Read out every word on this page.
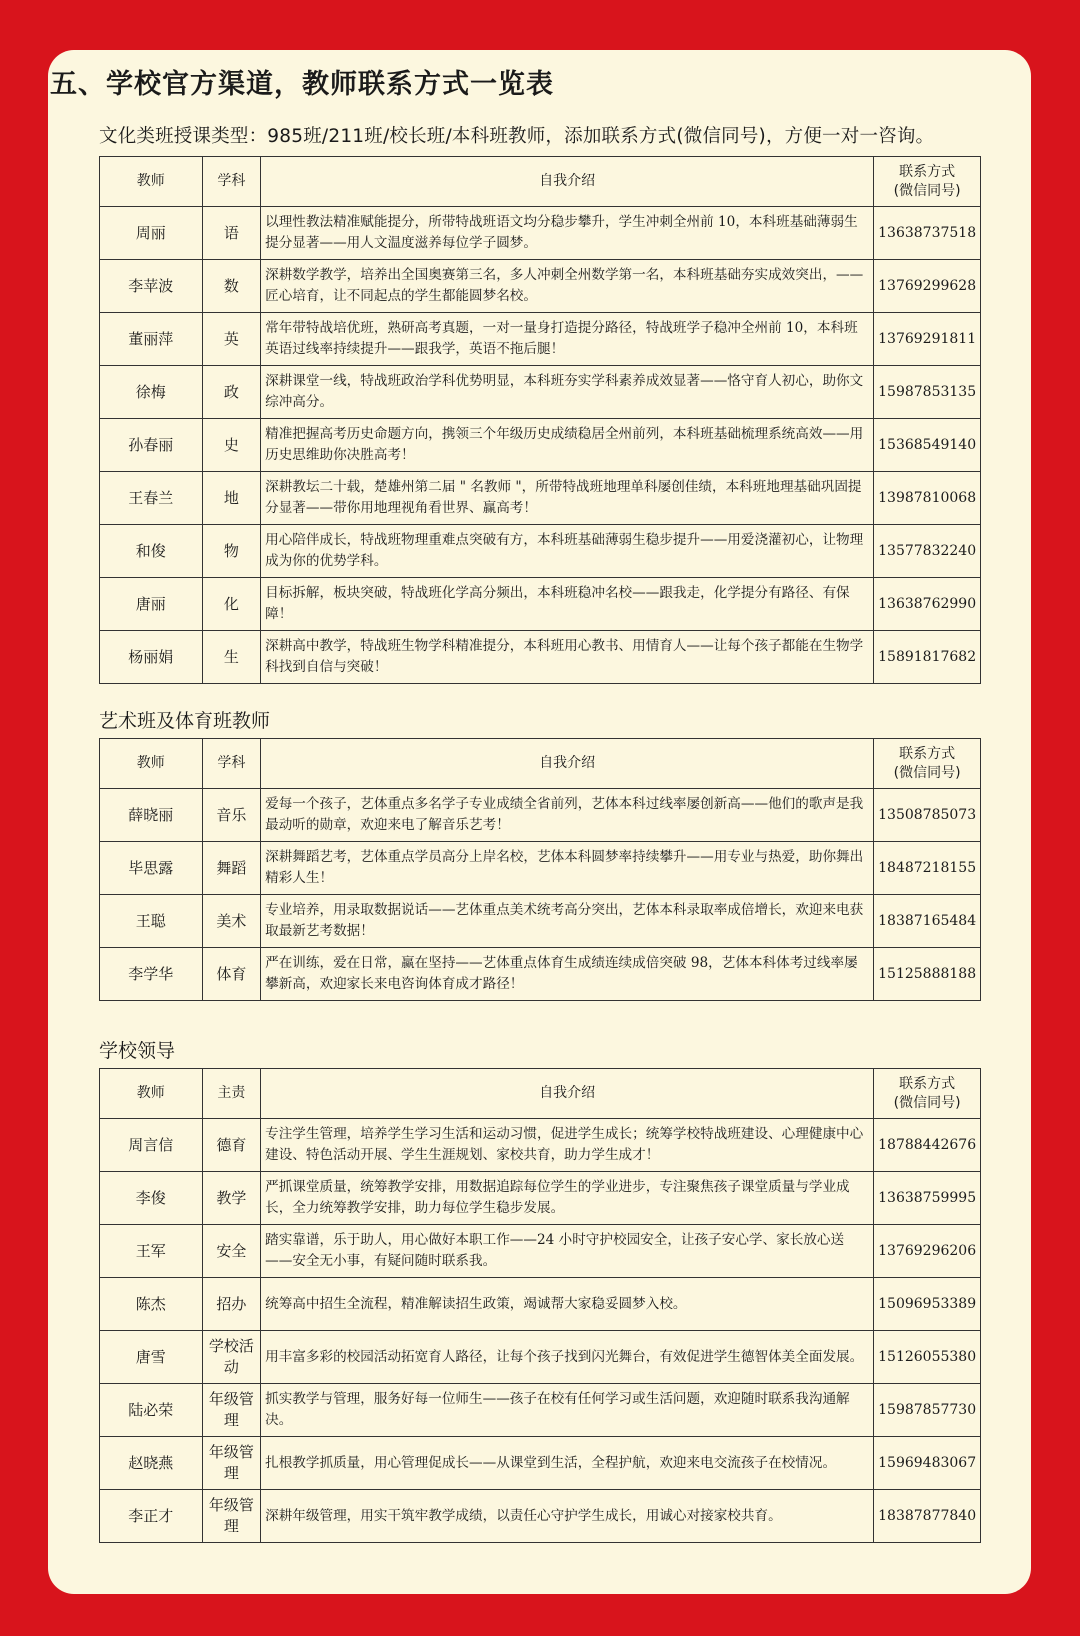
五、学校官方渠道，教师联系方式一览表
文化类班授课类型：985班/211班/校长班/本科班教师，添加联系方式(微信同号)，方便一对一咨询。
教师	学科	自我介绍	联系方式
(微信同号)
周丽	语	以理性教法精准赋能提分，所带特战班语文均分稳步攀升，学生冲刺全州前 10，本科班基础薄弱生提分显著——用人文温度滋养每位学子圆梦。	13638737518
李苹波	数	深耕数学教学，培养出全国奥赛第三名，多人冲刺全州数学第一名，本科班基础夯实成效突出，——匠心培育，让不同起点的学生都能圆梦名校。	13769299628
董丽萍	英	常年带特战培优班，熟研高考真题，一对一量身打造提分路径，特战班学子稳冲全州前 10，本科班英语过线率持续提升——跟我学，英语不拖后腿！	13769291811
徐梅	政	深耕课堂一线，特战班政治学科优势明显，本科班夯实学科素养成效显著——恪守育人初心，助你文综冲高分。	15987853135
孙春丽	史	精准把握高考历史命题方向，携领三个年级历史成绩稳居全州前列，本科班基础梳理系统高效——用历史思维助你决胜高考！	15368549140
王春兰	地	深耕教坛二十载，楚雄州第二届 " 名教师 "，所带特战班地理单科屡创佳绩，本科班地理基础巩固提分显著——带你用地理视角看世界、赢高考！	13987810068
和俊	物	用心陪伴成长，特战班物理重难点突破有方，本科班基础薄弱生稳步提升——用爱浇灌初心，让物理成为你的优势学科。	13577832240
唐丽	化	目标拆解，板块突破，特战班化学高分频出，本科班稳冲名校——跟我走，化学提分有路径、有保障！	13638762990
杨丽娟	生	深耕高中教学，特战班生物学科精准提分，本科班用心教书、用情育人——让每个孩子都能在生物学科找到自信与突破！	15891817682
艺术班及体育班教师
教师	学科	自我介绍	联系方式
(微信同号)
薛晓丽	音乐	爱每一个孩子，艺体重点多名学子专业成绩全省前列，艺体本科过线率屡创新高——他们的歌声是我最动听的勋章，欢迎来电了解音乐艺考！	13508785073
毕思露	舞蹈	深耕舞蹈艺考，艺体重点学员高分上岸名校，艺体本科圆梦率持续攀升——用专业与热爱，助你舞出精彩人生！	18487218155
王聪	美术	专业培养，用录取数据说话——艺体重点美术统考高分突出，艺体本科录取率成倍增长，欢迎来电获取最新艺考数据！	18387165484
李学华	体育	严在训练，爱在日常，赢在坚持——艺体重点体育生成绩连续成倍突破 98，艺体本科体考过线率屡攀新高，欢迎家长来电咨询体育成才路径！	15125888188
学校领导
教师	主责	自我介绍	联系方式
(微信同号)
周言信	德育	专注学生管理，培养学生学习生活和运动习惯，促进学生成长；统筹学校特战班建设、心理健康中心建设、特色活动开展、学生生涯规划、家校共育，助力学生成才！	18788442676
李俊	教学	严抓课堂质量，统筹教学安排，用数据追踪每位学生的学业进步，专注聚焦孩子课堂质量与学业成长，全力统筹教学安排，助力每位学生稳步发展。	13638759995
王军	安全	踏实靠谱，乐于助人，用心做好本职工作——24 小时守护校园安全，让孩子安心学、家长放心送——安全无小事，有疑问随时联系我。	13769296206
陈杰	招办	统筹高中招生全流程，精准解读招生政策，竭诚帮大家稳妥圆梦入校。	15096953389
唐雪	学校活动	用丰富多彩的校园活动拓宽育人路径，让每个孩子找到闪光舞台，有效促进学生德智体美全面发展。	15126055380
陆必荣	年级管理	抓实教学与管理，服务好每一位师生——孩子在校有任何学习或生活问题，欢迎随时联系我沟通解决。	15987857730
赵晓燕	年级管理	扎根教学抓质量，用心管理促成长——从课堂到生活，全程护航，欢迎来电交流孩子在校情况。	15969483067
李正才	年级管理	深耕年级管理，用实干筑牢教学成绩，以责任心守护学生成长，用诚心对接家校共育。	18387877840
